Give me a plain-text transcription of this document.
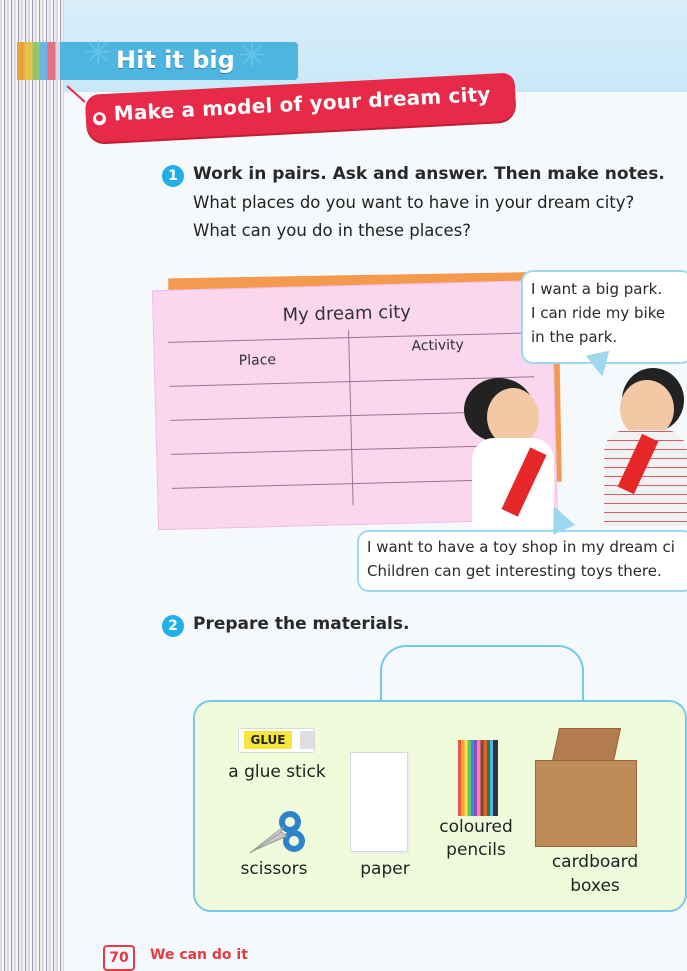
✳	✳
Hit it big
● Make a model of your dream city
1 Work in pairs. Ask and answer. Then make notes.
What places do you want to have in your dream city?
What can you do in these places?
My dream city
Place
Activity
I want a big park.
I can ride my bike
in the park.
I want to have a toy shop in my dream ci
Children can get interesting toys there.
2 Prepare the materials.
GLUE
a glue stick
scissors	paper
coloured
pencils
cardboard
boxes
70	We can do it
